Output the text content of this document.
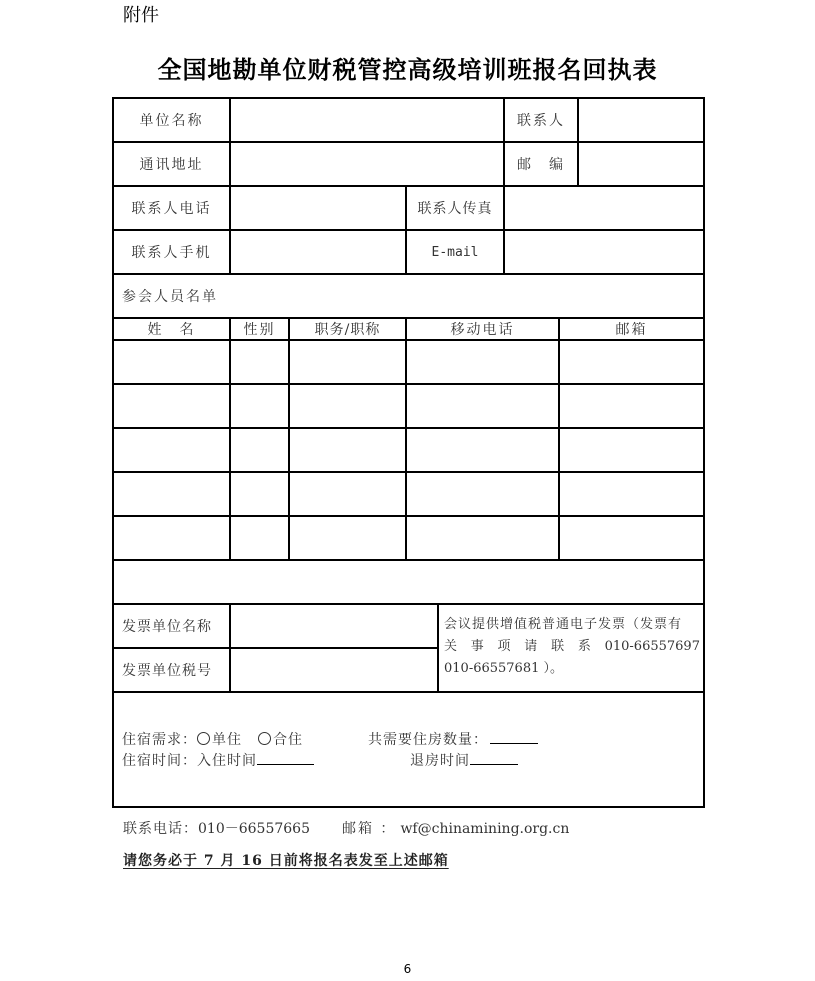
附件
全国地勘单位财税管控高级培训班报名回执表
单位名称	联系人
通讯地址	邮　编
联系人电话	联系人传真
联系人手机	E-mail
参会人员名单
姓　名	性别	职务/职称	移动电话	邮箱
发票单位名称
发票单位税号
会议提供增值税普通电子发票（发票有
关 事 项 请 联 系 010-66557697
010-66557681 ）。
住宿需求： 单住 合住	共需要住房数量：
住宿时间：入住时间	退房时间
联系电话：010－66557665 邮箱 ： wf@chinamining.org.cn
请您务必于 7 月 16 日前将报名表发至上述邮箱
6
